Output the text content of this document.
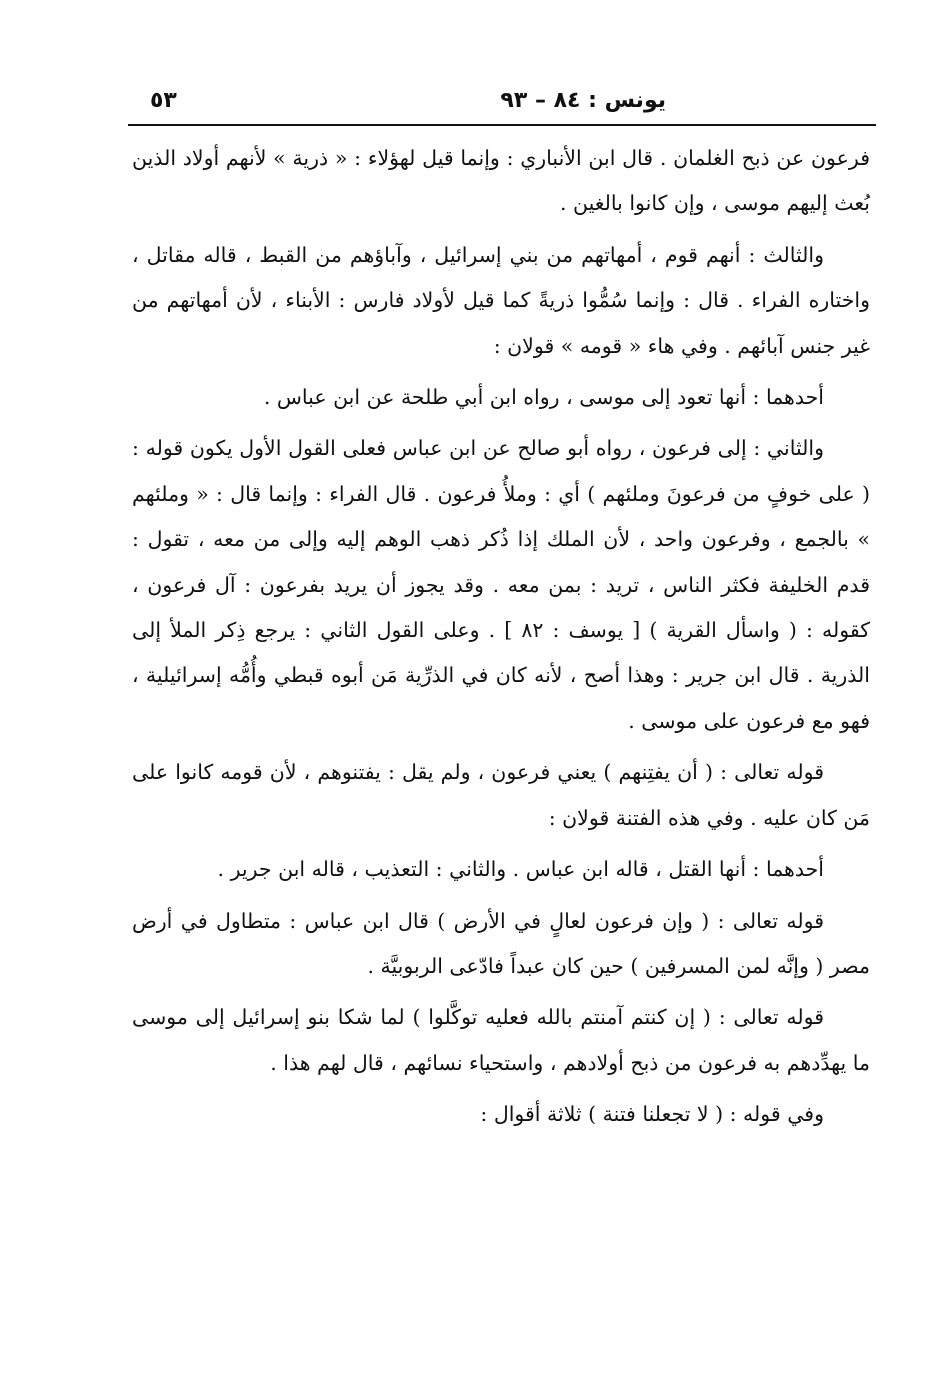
يونس : ٨٤ – ٩٣
٥٣

فرعون عن ذبح الغلمان . قال ابن الأنباري : وإنما قيل لهؤلاء : « ذرية » لأنهم أولاد الذين بُعث إليهم موسى ، وإن كانوا بالغين .

والثالث : أنهم قوم ، أمهاتهم من بني إسرائيل ، وآباؤهم من القبط ، قاله مقاتل ، واختاره الفراء . قال : وإنما سُمُّوا ذريةً كما قيل لأولاد فارس : الأبناء ، لأن أمهاتهم من غير جنس آبائهم . وفي هاء « قومه » قولان :

أحدهما : أنها تعود إلى موسى ، رواه ابن أبي طلحة عن ابن عباس .

والثاني : إلى فرعون ، رواه أبو صالح عن ابن عباس فعلى القول الأول يكون قوله : ( على خوفٍ من فرعونَ وملئهم ) أي : وملأُ فرعون . قال الفراء : وإنما قال : « وملئهم » بالجمع ، وفرعون واحد ، لأن الملك إذا ذُكر ذهب الوهم إليه وإلى من معه ، تقول : قدم الخليفة فكثر الناس ، تريد : بمن معه . وقد يجوز أن يريد بفرعون : آل فرعون ، كقوله : ( واسأل القرية ) [ يوسف : ٨٢ ] . وعلى القول الثاني : يرجع ذِكر الملأ إلى الذرية . قال ابن جرير : وهذا أصح ، لأنه كان في الذرِّية مَن أبوه قبطي وأُمُّه إسرائيلية ، فهو مع فرعون على موسى .

قوله تعالى : ( أن يفتِنهم ) يعني فرعون ، ولم يقل : يفتنوهم ، لأن قومه كانوا على مَن كان عليه . وفي هذه الفتنة قولان :

أحدهما : أنها القتل ، قاله ابن عباس . والثاني : التعذيب ، قاله ابن جرير .

قوله تعالى : ( وإن فرعون لعالٍ في الأرض ) قال ابن عباس : متطاول في أرض مصر ( وإنَّه لمن المسرفين ) حين كان عبداً فادّعى الربوبيَّة .

قوله تعالى : ( إن كنتم آمنتم بالله فعليه توكَّلوا ) لما شكا بنو إسرائيل إلى موسى ما يهدِّدهم به فرعون من ذبح أولادهم ، واستحياء نسائهم ، قال لهم هذا .

وفي قوله : ( لا تجعلنا فتنة ) ثلاثة أقوال :
